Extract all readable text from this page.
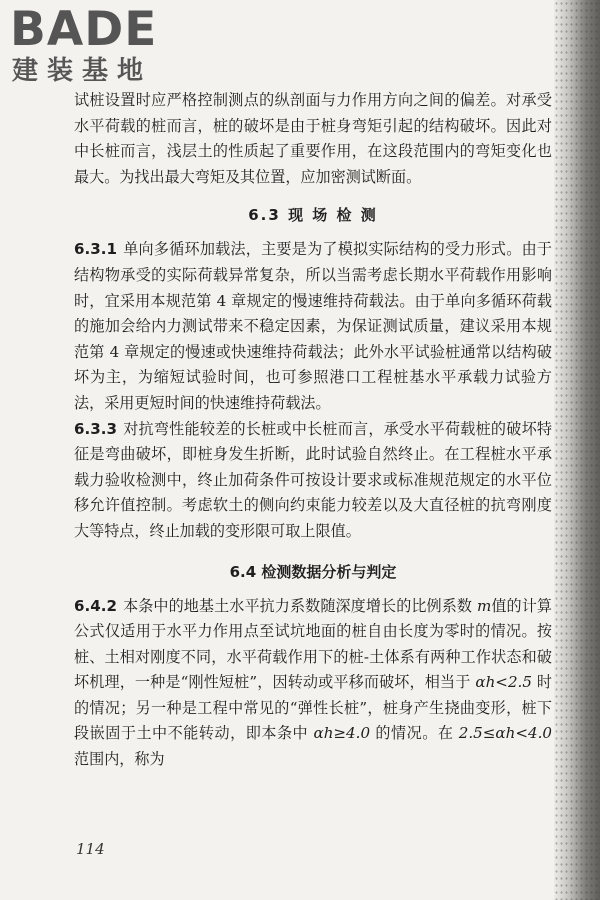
BADE
建装基地

试桩设置时应严格控制测点的纵剖面与力作用方向之间的偏差。对承受水平荷载的桩而言，桩的破坏是由于桩身弯矩引起的结构破坏。因此对中长桩而言，浅层土的性质起了重要作用，在这段范围内的弯矩变化也最大。为找出最大弯矩及其位置，应加密测试断面。

6.3 现 场 检 测

6.3.1 单向多循环加载法，主要是为了模拟实际结构的受力形式。由于结构物承受的实际荷载异常复杂，所以当需考虑长期水平荷载作用影响时，宜采用本规范第 4 章规定的慢速维持荷载法。由于单向多循环荷载的施加会给内力测试带来不稳定因素，为保证测试质量，建议采用本规范第 4 章规定的慢速或快速维持荷载法；此外水平试验桩通常以结构破坏为主，为缩短试验时间，也可参照港口工程桩基水平承载力试验方法，采用更短时间的快速维持荷载法。

6.3.3 对抗弯性能较差的长桩或中长桩而言，承受水平荷载桩的破坏特征是弯曲破坏，即桩身发生折断，此时试验自然终止。在工程桩水平承载力验收检测中，终止加荷条件可按设计要求或标准规范规定的水平位移允许值控制。考虑软土的侧向约束能力较差以及大直径桩的抗弯刚度大等特点，终止加载的变形限可取上限值。

6.4 检测数据分析与判定

6.4.2 本条中的地基土水平抗力系数随深度增长的比例系数 m值的计算公式仅适用于水平力作用点至试坑地面的桩自由长度为零时的情况。按桩、土相对刚度不同，水平荷载作用下的桩-土体系有两种工作状态和破坏机理，一种是“刚性短桩”，因转动或平移而破坏，相当于 αh<2.5 时的情况；另一种是工程中常见的“弹性长桩”，桩身产生挠曲变形，桩下段嵌固于土中不能转动，即本条中 αh≥4.0 的情况。在 2.5≤αh<4.0 范围内，称为

114
